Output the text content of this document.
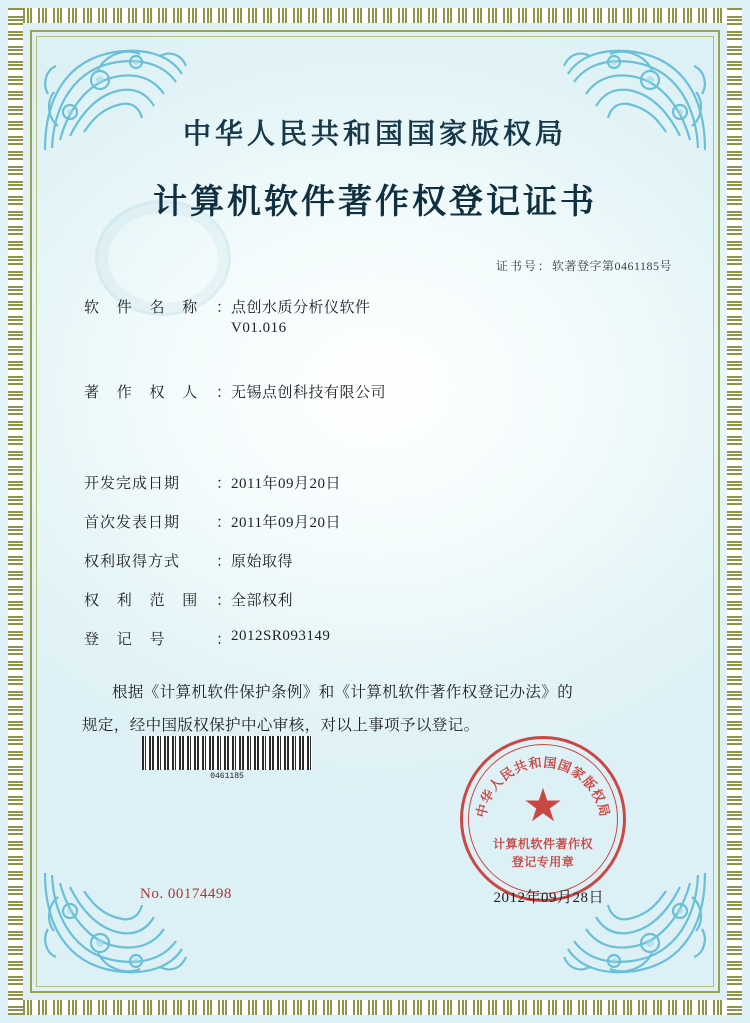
中华人民共和国国家版权局
计算机软件著作权登记证书
证书号：软著登字第0461185号
软 件 名 称 ： 点创水质分析仪软件
V01.016
著 作 权 人 ： 无锡点创科技有限公司
开发完成日期	： 2011年09月20日
首次发表日期	： 2011年09月20日
权利取得方式	： 原始取得
权 利 范 围 ： 全部权利
登 记 号	： 2012SR093149
根据《计算机软件保护条例》和《计算机软件著作权登记办法》的
规定，经中国版权保护中心审核，对以上事项予以登记。
0461185
中华人民共和国国家版权局
★
计算机软件著作权
登记专用章
No. 00174498	2012年09月28日
